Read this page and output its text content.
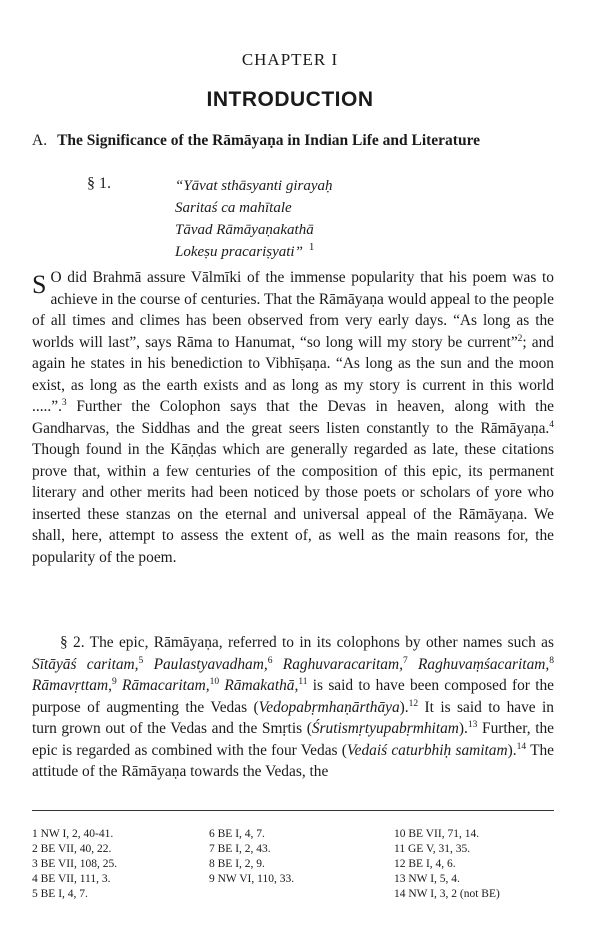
CHAPTER I
INTRODUCTION
A. The Significance of the Rāmāyaṇa in Indian Life and Literature
§ 1.	“Yāvat sthāsyanti girayaḥ
Saritaś ca mahītale
Tāvad Rāmāyaṇakathā
Lokeṣu pracariṣyati” $^1$
S O did Brahmā assure Vālmīki of the immense popularity that his poem was to achieve in the course of centuries. That the Rāmāyaṇa would appeal to the people of all times and climes has been observed from very early days. “As long as the worlds will last”, says Rāma to Hanumat, “so long will my story be current”$^2$; and again he states in his benediction to Vibhīṣaṇa. “As long as the sun and the moon exist, as long as the earth exists and as long as my story is current in this world .....”.$^3$ Further the Colophon says that the Devas in heaven, along with the Gandharvas, the Siddhas and the great seers listen constantly to the Rāmāyaṇa.$^4$ Though found in the Kāṇḍas which are generally regarded as late, these citations prove that, within a few centuries of the composition of this epic, its permanent literary and other merits had been noticed by those poets or scholars of yore who inserted these stanzas on the eternal and universal appeal of the Rāmāyaṇa. We shall, here, attempt to assess the extent of, as well as the main reasons for, the popularity of the poem.
§ 2. The epic, Rāmāyaṇa, referred to in its colophons by other names such as Sītāyāś caritam,$^5$ Paulastyavadham,$^6$ Raghuvaracaritam,$^7$ Raghuvaṃśacaritam,$^8$ Rāmavṛttam,$^9$ Rāmacaritam,$^{10}$ Rāmakathā,$^{11}$ is said to have been composed for the purpose of augmenting the Vedas (Vedopabṛmhaṇārthāya).$^{12}$ It is said to have in turn grown out of the Vedas and the Smṛtis (Śrutismṛtyupabṛmhitam).$^{13}$ Further, the epic is regarded as combined with the four Vedas (Vedaiś caturbhiḥ samitam).$^{14}$ The attitude of the Rāmāyaṇa towards the Vedas, the
1 NW I, 2, 40-41.
2 BE VII, 40, 22.
3 BE VII, 108, 25.
4 BE VII, 111, 3.
5 BE I, 4, 7.
6 BE I, 4, 7.
7 BE I, 2, 43.
8 BE I, 2, 9.
9 NW VI, 110, 33.
10 BE VII, 71, 14.
11 GE V, 31, 35.
12 BE I, 4, 6.
13 NW I, 5, 4.
14 NW I, 3, 2 (not BE)
